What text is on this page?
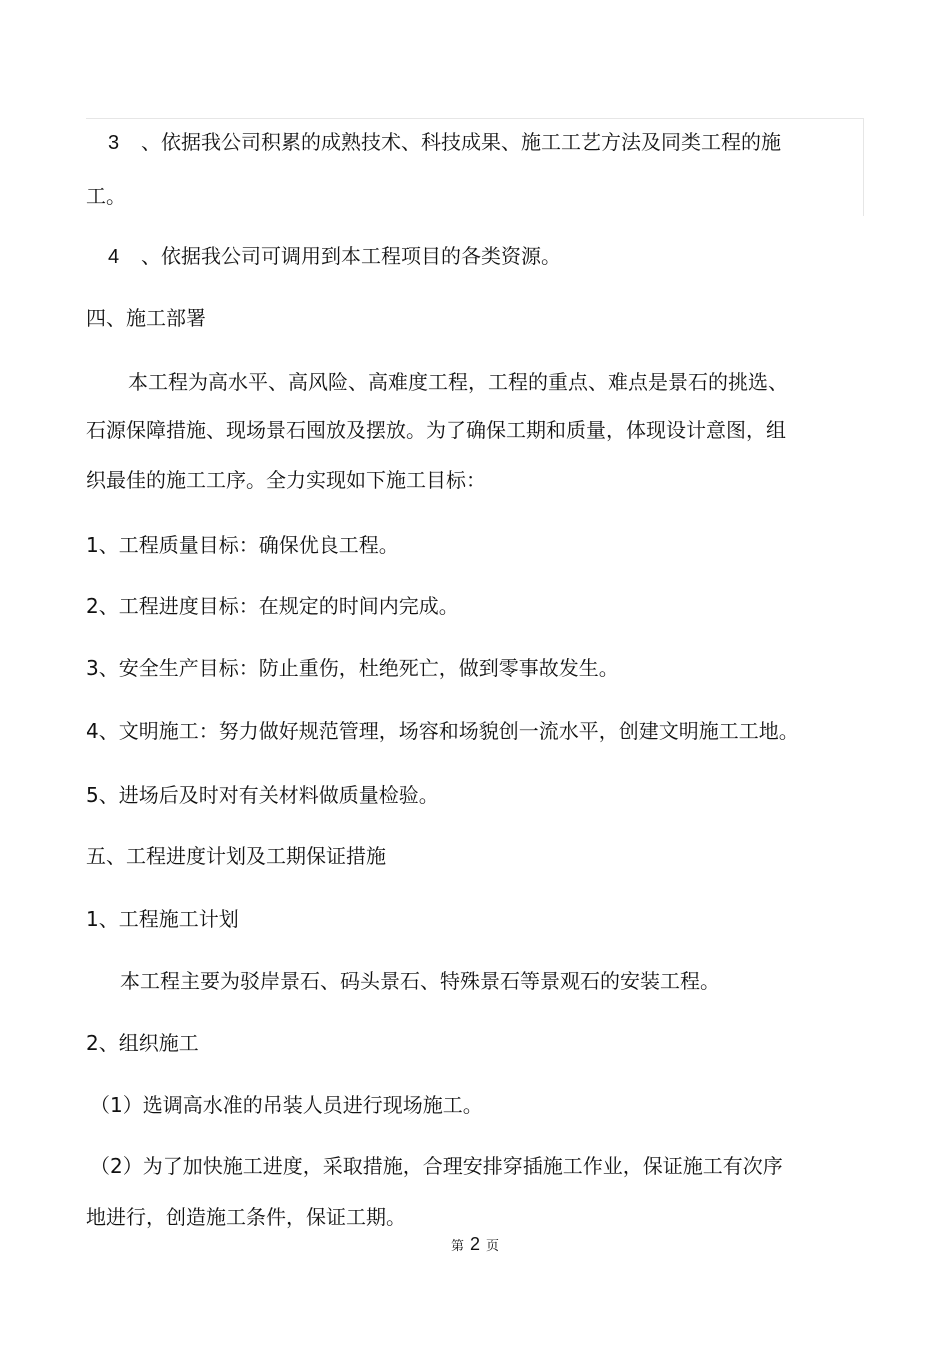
3 、依据我公司积累的成熟技术、科技成果、施工工艺方法及同类工程的施
工。
4 、依据我公司可调用到本工程项目的各类资源。
四、施工部署
本工程为高水平、高风险、高难度工程，工程的重点、难点是景石的挑选、
石源保障措施、现场景石囤放及摆放。为了确保工期和质量，体现设计意图，组
织最佳的施工工序。全力实现如下施工目标：
1、工程质量目标：确保优良工程。
2、工程进度目标：在规定的时间内完成。
3、安全生产目标：防止重伤，杜绝死亡，做到零事故发生。
4、文明施工：努力做好规范管理，场容和场貌创一流水平，创建文明施工工地。
5、进场后及时对有关材料做质量检验。
五、工程进度计划及工期保证措施
1、工程施工计划
本工程主要为驳岸景石、码头景石、特殊景石等景观石的安装工程。
2、组织施工
（1）选调高水准的吊装人员进行现场施工。
（2）为了加快施工进度，采取措施，合理安排穿插施工作业，保证施工有次序
地进行，创造施工条件，保证工期。
第 2 页
